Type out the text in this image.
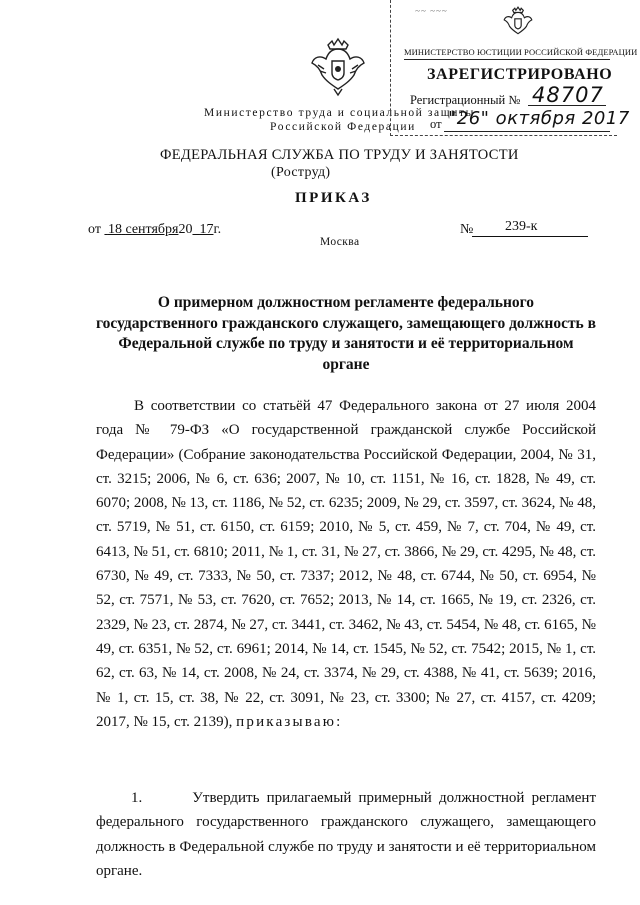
Министерство труда и социальной защиты
Российской Федерации
~~ ~~~
МИНИСТЕРСТВО ЮСТИЦИИ РОССИЙСКОЙ ФЕДЕРАЦИИ
ЗАРЕГИСТРИРОВАНО
Регистрационный № 48707
от "26" октября 2017
ФЕДЕРАЛЬНАЯ СЛУЖБА ПО ТРУДУ И ЗАНЯТОСТИ
(Роструд)
ПРИКАЗ
от 18 сентября20 17г.	№ 239-к
Москва
О примерном должностном регламенте федерального государственного гражданского служащего, замещающего должность в Федеральной службе по труду и занятости и её территориальном органе
В соответствии со статьёй 47 Федерального закона от 27 июля 2004 года № 79-ФЗ «О государственной гражданской службе Российской Федерации» (Собрание законодательства Российской Федерации, 2004, № 31, ст. 3215; 2006, № 6, ст. 636; 2007, № 10, ст. 1151, № 16, ст. 1828, № 49, ст. 6070; 2008, № 13, ст. 1186, № 52, ст. 6235; 2009, № 29, ст. 3597, ст. 3624, № 48, ст. 5719, № 51, ст. 6150, ст. 6159; 2010, № 5, ст. 459, № 7, ст. 704, № 49, ст. 6413, № 51, ст. 6810; 2011, № 1, ст. 31, № 27, ст. 3866, № 29, ст. 4295, № 48, ст. 6730, № 49, ст. 7333, № 50, ст. 7337; 2012, № 48, ст. 6744, № 50, ст. 6954, № 52, ст. 7571, № 53, ст. 7620, ст. 7652; 2013, № 14, ст. 1665, № 19, ст. 2326, ст. 2329, № 23, ст. 2874, № 27, ст. 3441, ст. 3462, № 43, ст. 5454, № 48, ст. 6165, № 49, ст. 6351, № 52, ст. 6961; 2014, № 14, ст. 1545, № 52, ст. 7542; 2015, № 1, ст. 62, ст. 63, № 14, ст. 2008, № 24, ст. 3374, № 29, ст. 4388, № 41, ст. 5639; 2016, № 1, ст. 15, ст. 38, № 22, ст. 3091, № 23, ст. 3300; № 27, ст. 4157, ст. 4209; 2017, № 15, ст. 2139), приказываю:
1.	Утвердить прилагаемый примерный должностной регламент федерального государственного гражданского служащего, замещающего должность в Федеральной службе по труду и занятости и её территориальном органе.
